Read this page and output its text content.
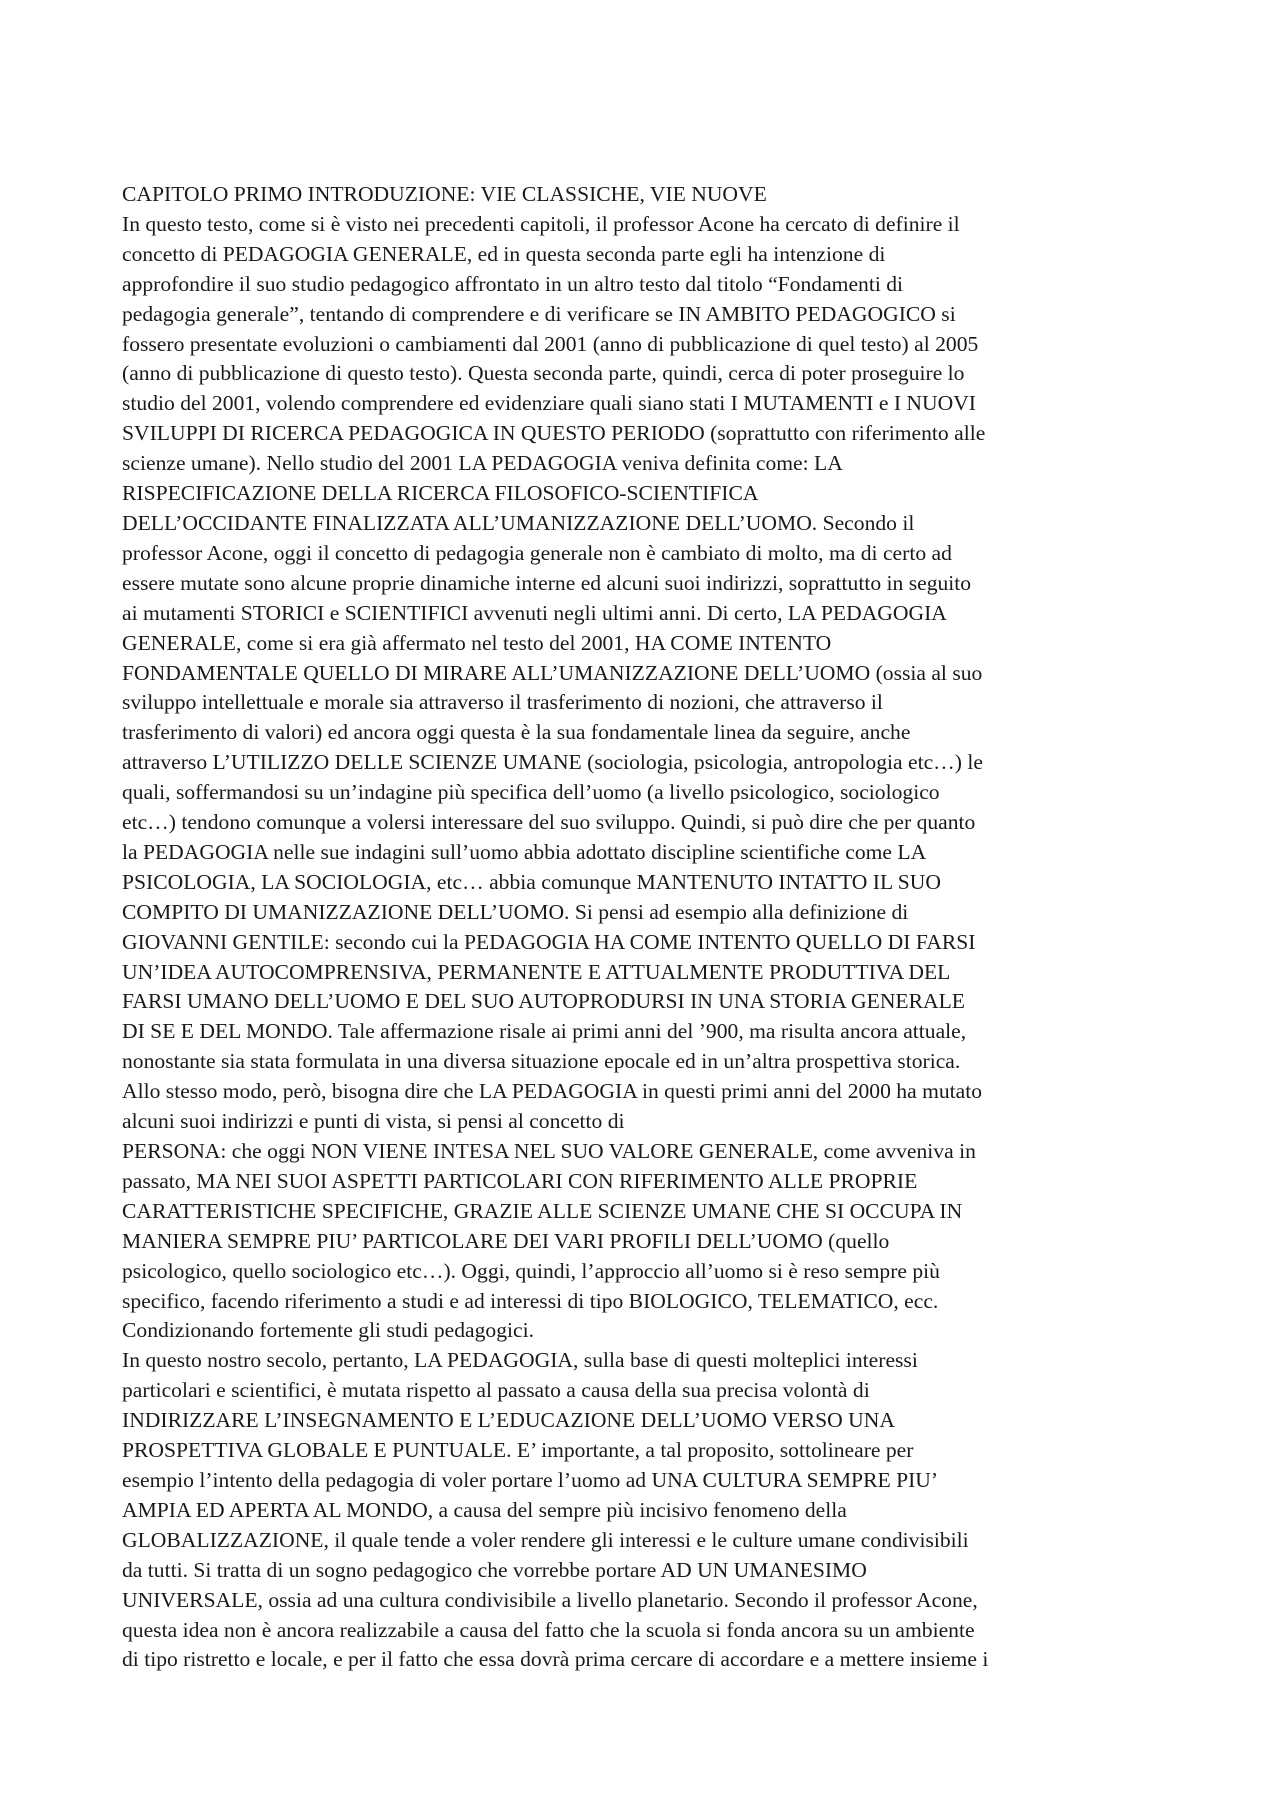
CAPITOLO PRIMO INTRODUZIONE: VIE CLASSICHE, VIE NUOVE
In questo testo, come si è visto nei precedenti capitoli, il professor Acone ha cercato di definire il
concetto di PEDAGOGIA GENERALE, ed in questa seconda parte egli ha intenzione di
approfondire il suo studio pedagogico affrontato in un altro testo dal titolo “Fondamenti di
pedagogia generale”, tentando di comprendere e di verificare se IN AMBITO PEDAGOGICO si
fossero presentate evoluzioni o cambiamenti dal 2001 (anno di pubblicazione di quel testo) al 2005
(anno di pubblicazione di questo testo). Questa seconda parte, quindi, cerca di poter proseguire lo
studio del 2001, volendo comprendere ed evidenziare quali siano stati I MUTAMENTI e I NUOVI
SVILUPPI DI RICERCA PEDAGOGICA IN QUESTO PERIODO (soprattutto con riferimento alle
scienze umane). Nello studio del 2001 LA PEDAGOGIA veniva definita come: LA
RISPECIFICAZIONE DELLA RICERCA FILOSOFICO-SCIENTIFICA
DELL’OCCIDANTE FINALIZZATA ALL’UMANIZZAZIONE DELL’UOMO. Secondo il
professor Acone, oggi il concetto di pedagogia generale non è cambiato di molto, ma di certo ad
essere mutate sono alcune proprie dinamiche interne ed alcuni suoi indirizzi, soprattutto in seguito
ai mutamenti STORICI e SCIENTIFICI avvenuti negli ultimi anni. Di certo, LA PEDAGOGIA
GENERALE, come si era già affermato nel testo del 2001, HA COME INTENTO
FONDAMENTALE QUELLO DI MIRARE ALL’UMANIZZAZIONE DELL’UOMO (ossia al suo
sviluppo intellettuale e morale sia attraverso il trasferimento di nozioni, che attraverso il
trasferimento di valori) ed ancora oggi questa è la sua fondamentale linea da seguire, anche
attraverso L’UTILIZZO DELLE SCIENZE UMANE (sociologia, psicologia, antropologia etc…) le
quali, soffermandosi su un’indagine più specifica dell’uomo (a livello psicologico, sociologico
etc…) tendono comunque a volersi interessare del suo sviluppo. Quindi, si può dire che per quanto
la PEDAGOGIA nelle sue indagini sull’uomo abbia adottato discipline scientifiche come LA
PSICOLOGIA, LA SOCIOLOGIA, etc… abbia comunque MANTENUTO INTATTO IL SUO
COMPITO DI UMANIZZAZIONE DELL’UOMO. Si pensi ad esempio alla definizione di
GIOVANNI GENTILE: secondo cui la PEDAGOGIA HA COME INTENTO QUELLO DI FARSI
UN’IDEA AUTOCOMPRENSIVA, PERMANENTE E ATTUALMENTE PRODUTTIVA DEL
FARSI UMANO DELL’UOMO E DEL SUO AUTOPRODURSI IN UNA STORIA GENERALE
DI SE E DEL MONDO. Tale affermazione risale ai primi anni del ’900, ma risulta ancora attuale,
nonostante sia stata formulata in una diversa situazione epocale ed in un’altra prospettiva storica.
Allo stesso modo, però, bisogna dire che LA PEDAGOGIA in questi primi anni del 2000 ha mutato
alcuni suoi indirizzi e punti di vista, si pensi al concetto di
PERSONA: che oggi NON VIENE INTESA NEL SUO VALORE GENERALE, come avveniva in
passato, MA NEI SUOI ASPETTI PARTICOLARI CON RIFERIMENTO ALLE PROPRIE
CARATTERISTICHE SPECIFICHE, GRAZIE ALLE SCIENZE UMANE CHE SI OCCUPA IN
MANIERA SEMPRE PIU’ PARTICOLARE DEI VARI PROFILI DELL’UOMO (quello
psicologico, quello sociologico etc…). Oggi, quindi, l’approccio all’uomo si è reso sempre più
specifico, facendo riferimento a studi e ad interessi di tipo BIOLOGICO, TELEMATICO, ecc.
Condizionando fortemente gli studi pedagogici.
In questo nostro secolo, pertanto, LA PEDAGOGIA, sulla base di questi molteplici interessi
particolari e scientifici, è mutata rispetto al passato a causa della sua precisa volontà di
INDIRIZZARE L’INSEGNAMENTO E L’EDUCAZIONE DELL’UOMO VERSO UNA
PROSPETTIVA GLOBALE E PUNTUALE. E’ importante, a tal proposito, sottolineare per
esempio l’intento della pedagogia di voler portare l’uomo ad UNA CULTURA SEMPRE PIU’
AMPIA ED APERTA AL MONDO, a causa del sempre più incisivo fenomeno della
GLOBALIZZAZIONE, il quale tende a voler rendere gli interessi e le culture umane condivisibili
da tutti. Si tratta di un sogno pedagogico che vorrebbe portare AD UN UMANESIMO
UNIVERSALE, ossia ad una cultura condivisibile a livello planetario. Secondo il professor Acone,
questa idea non è ancora realizzabile a causa del fatto che la scuola si fonda ancora su un ambiente
di tipo ristretto e locale, e per il fatto che essa dovrà prima cercare di accordare e a mettere insieme i
